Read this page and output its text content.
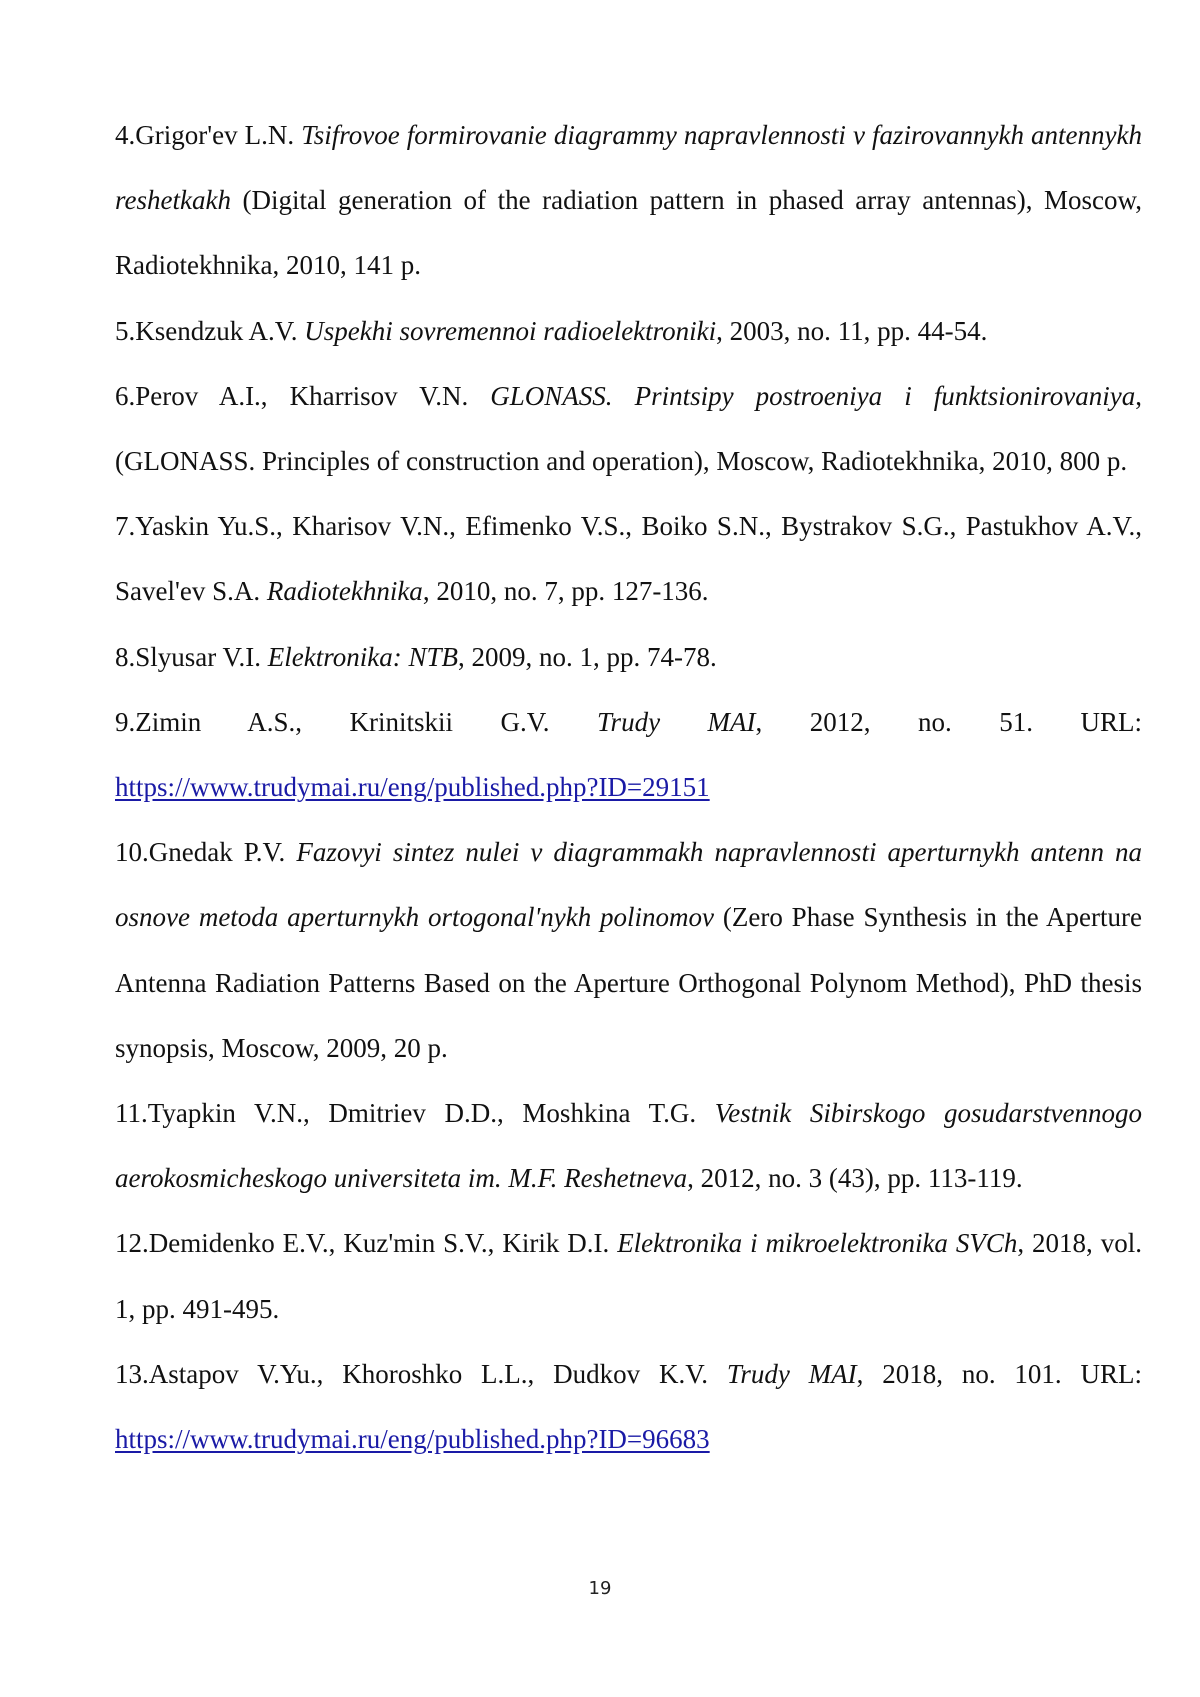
4.Grigor'ev L.N. Tsifrovoe formirovanie diagrammy napravlennosti v fazirovannykh antennykh reshetkakh (Digital generation of the radiation pattern in phased array antennas), Moscow, Radiotekhnika, 2010, 141 p.

5.Ksendzuk A.V. Uspekhi sovremennoi radioelektroniki, 2003, no. 11, pp. 44-54.

6.Perov A.I., Kharrisov V.N. GLONASS. Printsipy postroeniya i funktsionirovaniya, (GLONASS. Principles of construction and operation), Moscow, Radiotekhnika, 2010, 800 p.

7.Yaskin Yu.S., Kharisov V.N., Efimenko V.S., Boiko S.N., Bystrakov S.G., Pastukhov A.V., Savel'ev S.A. Radiotekhnika, 2010, no. 7, pp. 127-136.

8.Slyusar V.I. Elektronika: NTB, 2009, no. 1, pp. 74-78.

9.Zimin A.S., Krinitskii G.V. Trudy MAI, 2012, no. 51. URL: https://www.trudymai.ru/eng/published.php?ID=29151

10.Gnedak P.V. Fazovyi sintez nulei v diagrammakh napravlennosti aperturnykh antenn na osnove metoda aperturnykh ortogonal'nykh polinomov (Zero Phase Synthesis in the Aperture Antenna Radiation Patterns Based on the Aperture Orthogonal Polynom Method), PhD thesis synopsis, Moscow, 2009, 20 p.

11.Tyapkin V.N., Dmitriev D.D., Moshkina T.G. Vestnik Sibirskogo gosudarstvennogo aerokosmicheskogo universiteta im. M.F. Reshetneva, 2012, no. 3 (43), pp. 113-119.

12.Demidenko E.V., Kuz'min S.V., Kirik D.I. Elektronika i mikroelektronika SVCh, 2018, vol. 1, pp. 491-495.

13.Astapov V.Yu., Khoroshko L.L., Dudkov K.V. Trudy MAI, 2018, no. 101. URL: https://www.trudymai.ru/eng/published.php?ID=96683

19
